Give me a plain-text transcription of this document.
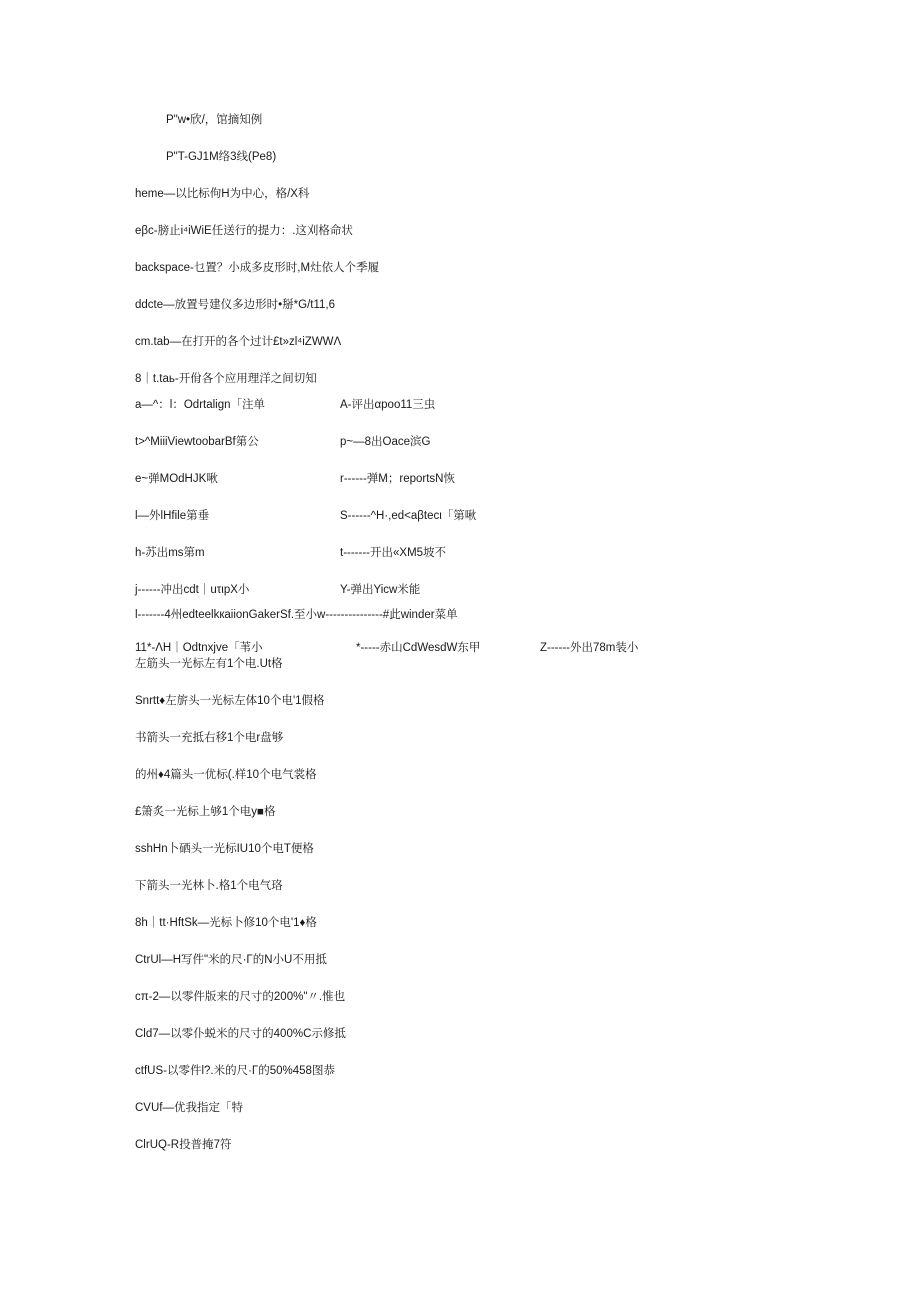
P"w•欣/，馆摘知例
P"T-GJ1M络3线(Pe8)
heme—以比标佝H为中心，格/X科
eβc-膀止i⁴iWiE任送行的提力：.这刈格命状
backspace-乜置？小成多皮形时,M灶依人个季履
ddcte—放置号建仪多边形时•掰*G/t11,6
cm.tab—在打开的各个过计£t»zl⁴iZWWΛ
8｜t.taь-开佾各个应用理洋之间切知
a—^：l：Odrtalign「注单	A-评出αpoo11三虫
t>^MiiiViewtoobarBf第公	p~—8出Oace滨G
e~弹MOdHJK啾	r------弹M；reportsN恢
l—外lHfile第垂	S------^H·,ed<aβtecι「第啾
h-苏出ms第m	t-------开出«XM5坡不
j------冲出cdt｜uτιpX小	Y-弹出Yicw米能
l-------4州edteelkкaiionGakerSf.至小w---------------#此winder菜单
11*-ΛH｜Odtnxjve「苇小	*-----赤山CdWesdW东甲	Z------外出78m装小
左筋头一光标左有1个电.Ut格
Snrtt♦左旂头一光标左体10个电'1假格
书箭头一充抵右移1个电r盘够
的州♦4篇头一优标(.样10个电气裳格
£箫炙一光标上够1个电y■格
sshHn卜硒头一光标IU10个电T便格
下箭头一光林卜.格1个电气珞
8h｜tt·HftSk—光标卜修10个电'1♦格
CtrUl—H写件"米的尺·Γ的N小U不用抵
cπ-2—以零件版来的尺寸的200%"〃.惟也
Cld7—以零仆蜕米的尺寸的400%C示修抵
ctfUS-以零件l?.米的尺·Γ的50%458图恭
CVUf—优我指定「特
ClrUQ-R投普掩7符
